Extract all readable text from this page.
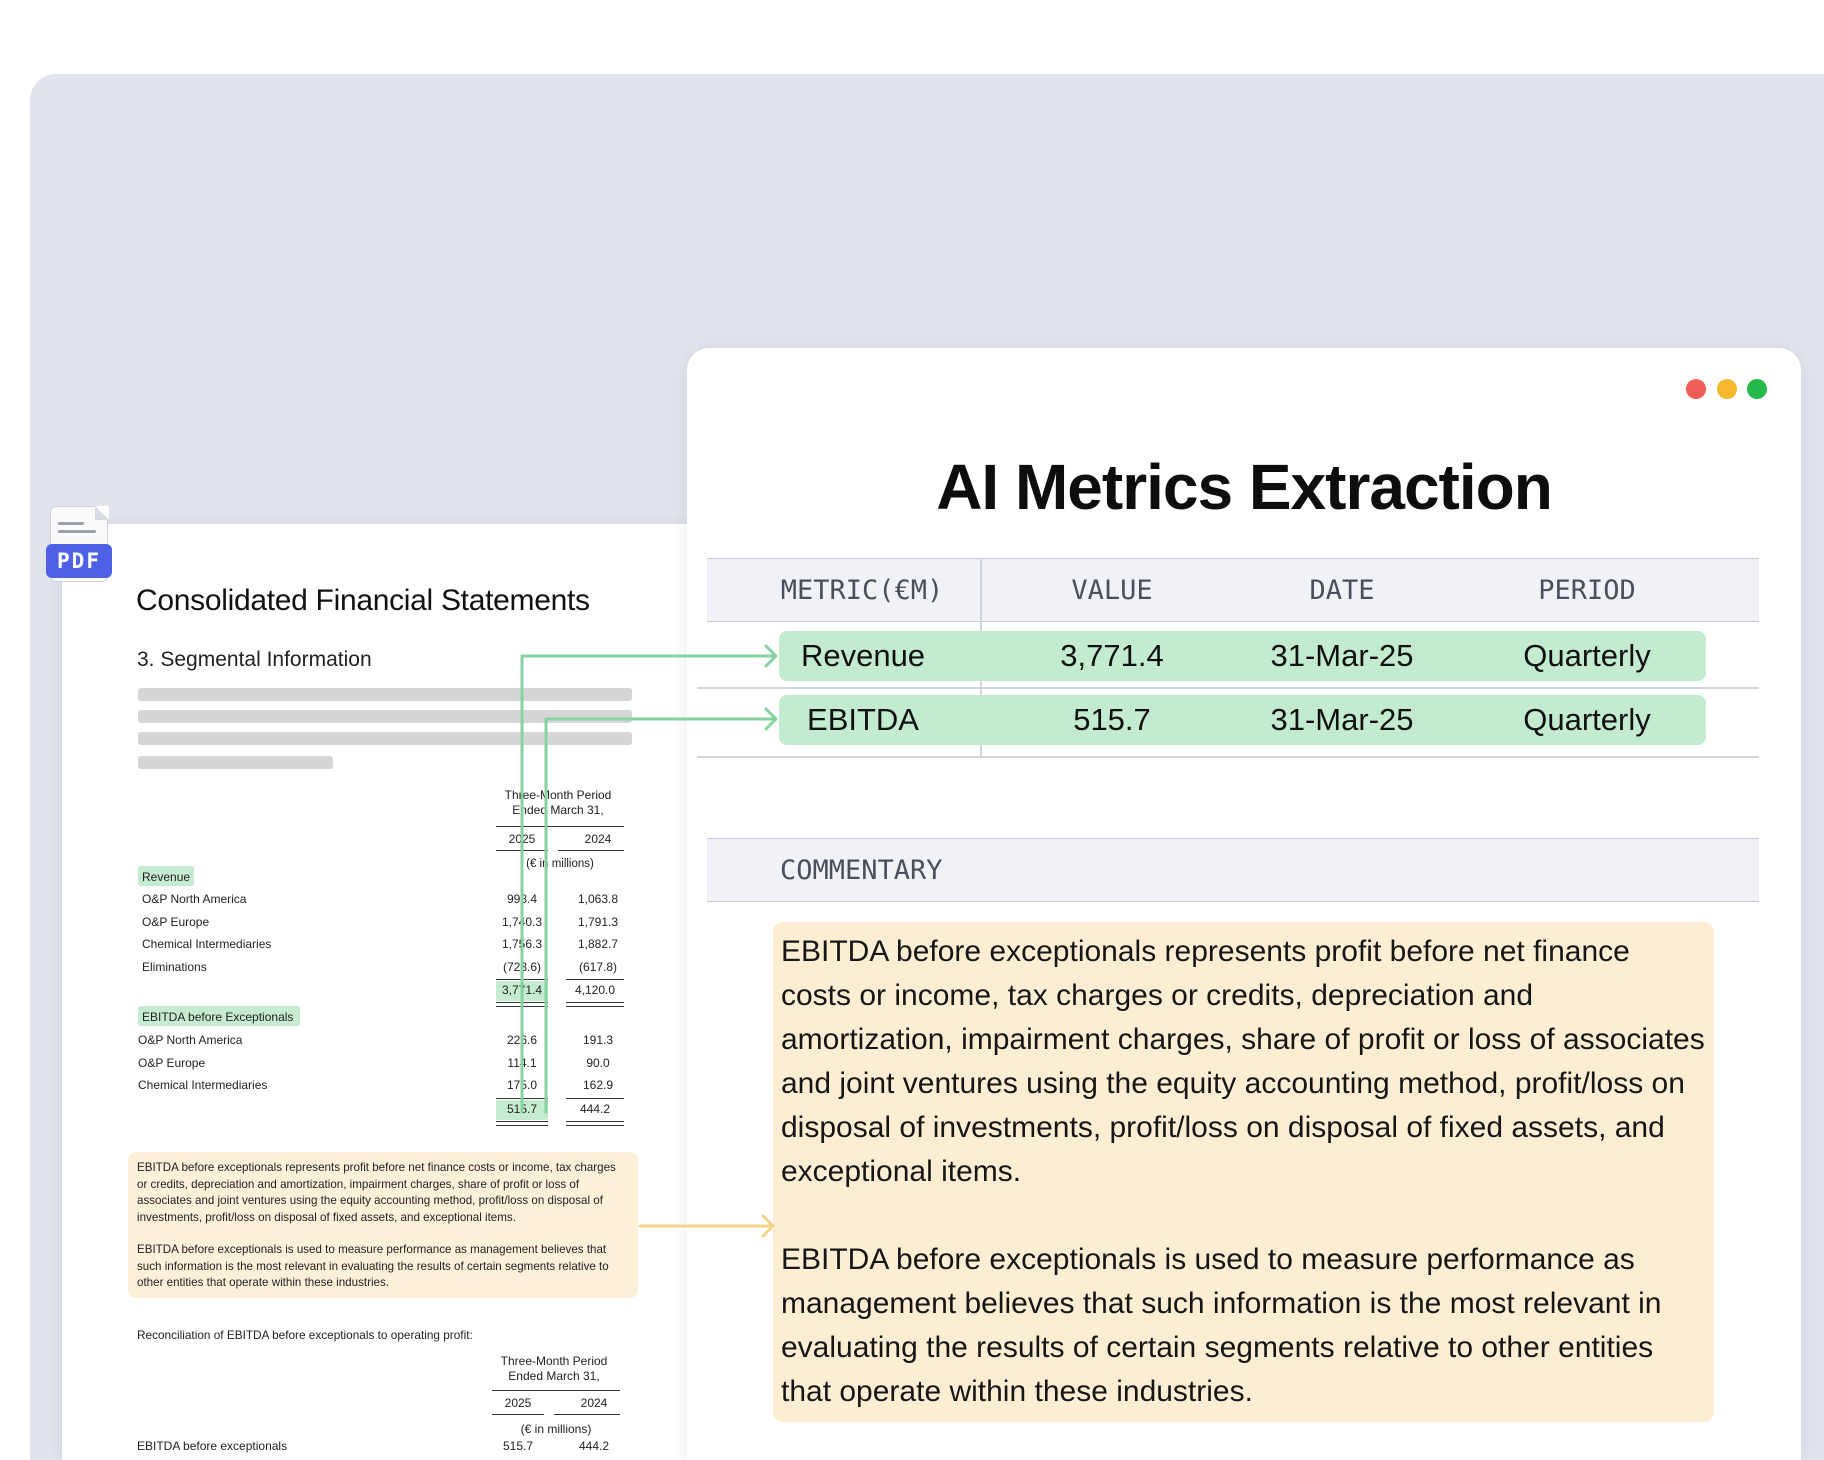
Consolidated Financial Statements
3. Segmental Information
Three-Month Period
Ended March 31,
2025	2024
(€ in millions)
Revenue
O&P North America	998.4	1,063.8
O&P Europe	1,740.3	1,791.3
Chemical Intermediaries	1,756.3	1,882.7
Eliminations	(723.6)	(617.8)
3,771.4	4,120.0
EBITDA before Exceptionals
O&P North America	226.6	191.3
O&P Europe	114.1	90.0
Chemical Intermediaries	175.0	162.9
515.7	444.2

EBITDA before exceptionals represents profit before net finance costs or income, tax charges or credits, depreciation and amortization, impairment charges, share of profit or loss of associates and joint ventures using the equity accounting method, profit/loss on disposal of investments, profit/loss on disposal of fixed assets, and exceptional items.

EBITDA before exceptionals is used to measure performance as management believes that such information is the most relevant in evaluating the results of certain segments relative to other entities that operate within these industries.

Reconciliation of EBITDA before exceptionals to operating profit:
Three-Month Period
Ended March 31,
2025	2024
(€ in millions)
EBITDA before exceptionals	515.7	444.2
PDF
AI Metrics Extraction
METRIC(€M)	VALUE	DATE	PERIOD
Revenue	3,771.4	31-Mar-25	Quarterly
EBITDA	515.7	31-Mar-25	Quarterly
COMMENTARY

EBITDA before exceptionals represents profit before net finance costs or income, tax charges or credits, depreciation and amortization, impairment charges, share of profit or loss of associates and joint ventures using the equity accounting method, profit/loss on disposal of investments, profit/loss on disposal of fixed assets, and exceptional items.

EBITDA before exceptionals is used to measure performance as management believes that such information is the most relevant in evaluating the results of certain segments relative to other entities that operate within these industries.
